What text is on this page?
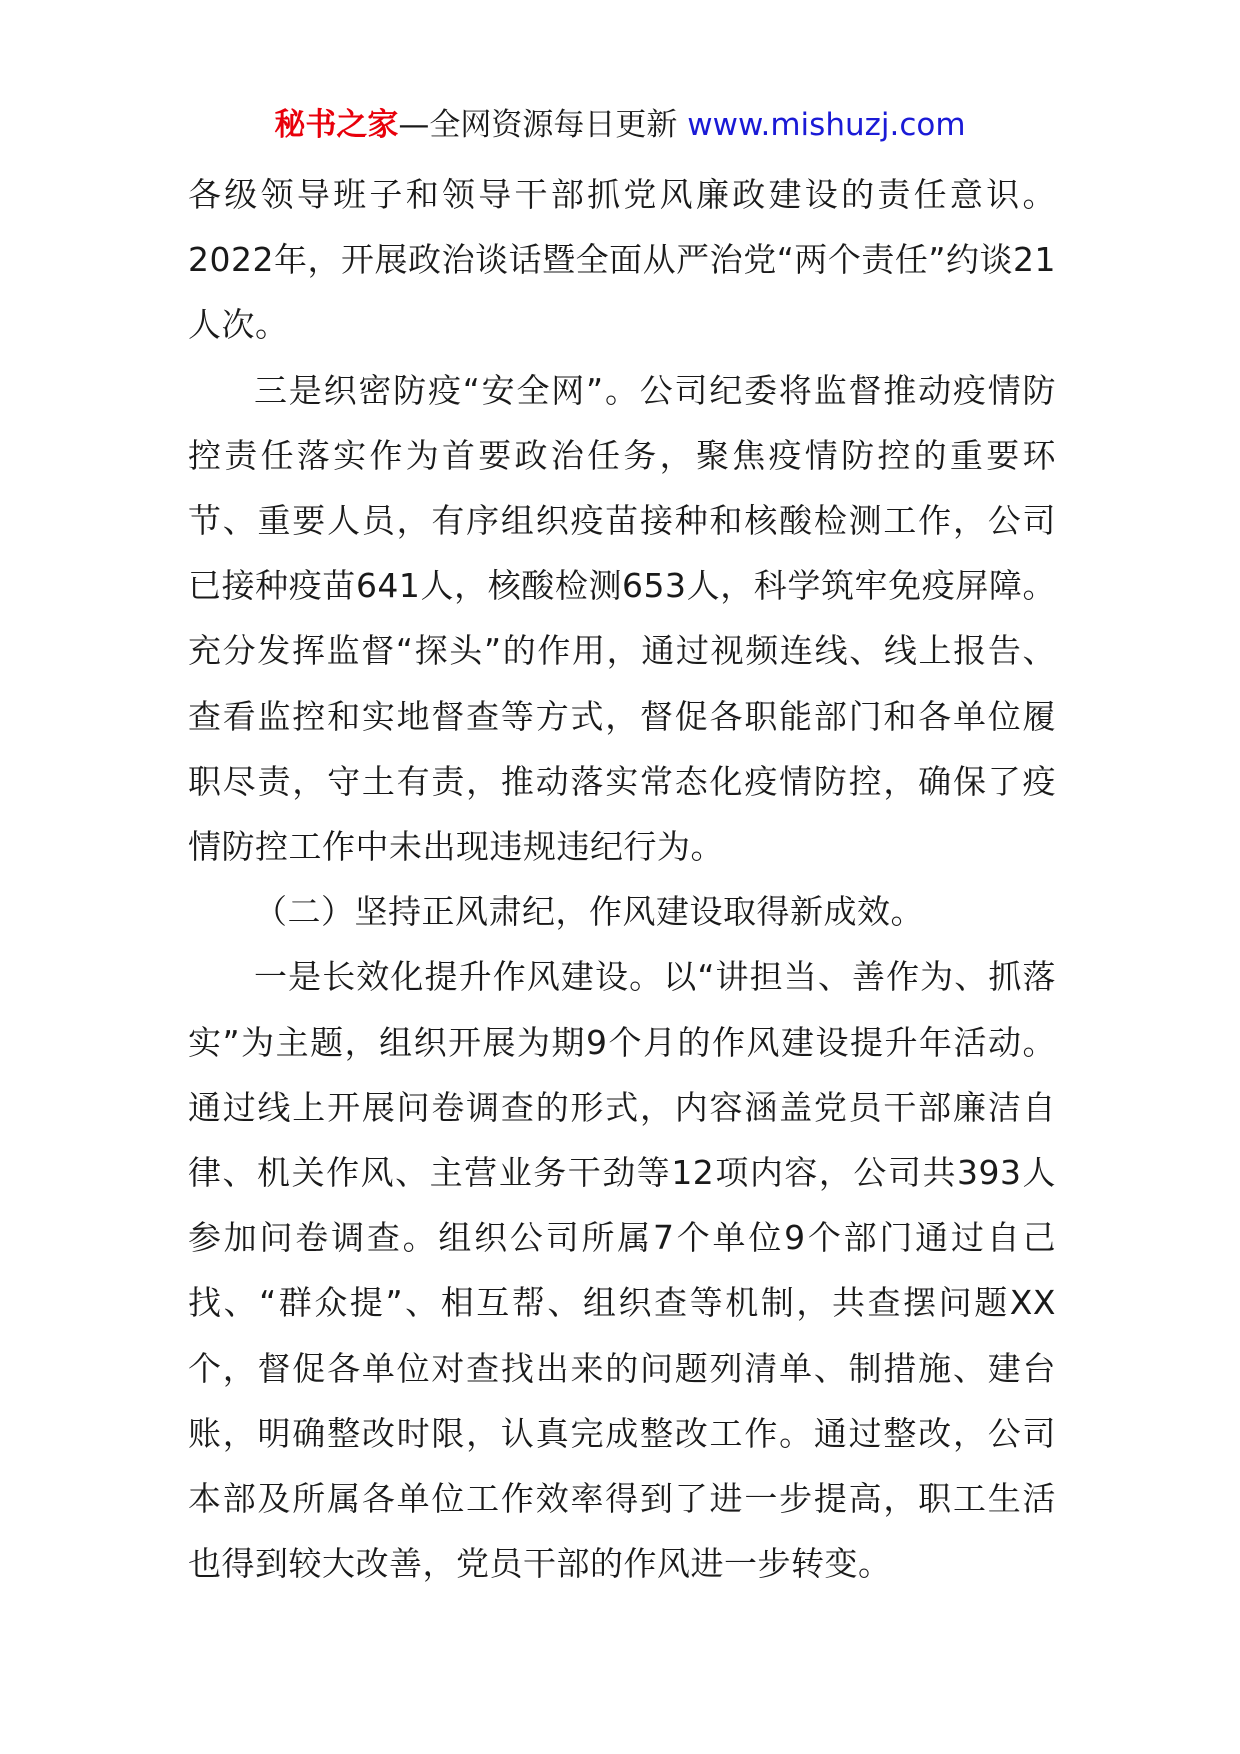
秘书之家—全网资源每日更新 www.mishuzj.com

各级领导班子和领导干部抓党风廉政建设的责任意识。2022年，开展政治谈话暨全面从严治党“两个责任”约谈21人次。

三是织密防疫“安全网”。公司纪委将监督推动疫情防控责任落实作为首要政治任务，聚焦疫情防控的重要环节、重要人员，有序组织疫苗接种和核酸检测工作，公司已接种疫苗641人，核酸检测653人，科学筑牢免疫屏障。充分发挥监督“探头”的作用，通过视频连线、线上报告、查看监控和实地督查等方式，督促各职能部门和各单位履职尽责，守土有责，推动落实常态化疫情防控，确保了疫情防控工作中未出现违规违纪行为。

（二）坚持正风肃纪，作风建设取得新成效。

一是长效化提升作风建设。以“讲担当、善作为、抓落实”为主题，组织开展为期9个月的作风建设提升年活动。通过线上开展问卷调查的形式，内容涵盖党员干部廉洁自律、机关作风、主营业务干劲等12项内容，公司共393人参加问卷调查。组织公司所属7个单位9个部门通过自己找、“群众提”、相互帮、组织查等机制，共查摆问题XX个，督促各单位对查找出来的问题列清单、制措施、建台账，明确整改时限，认真完成整改工作。通过整改，公司本部及所属各单位工作效率得到了进一步提高，职工生活也得到较大改善，党员干部的作风进一步转变。
